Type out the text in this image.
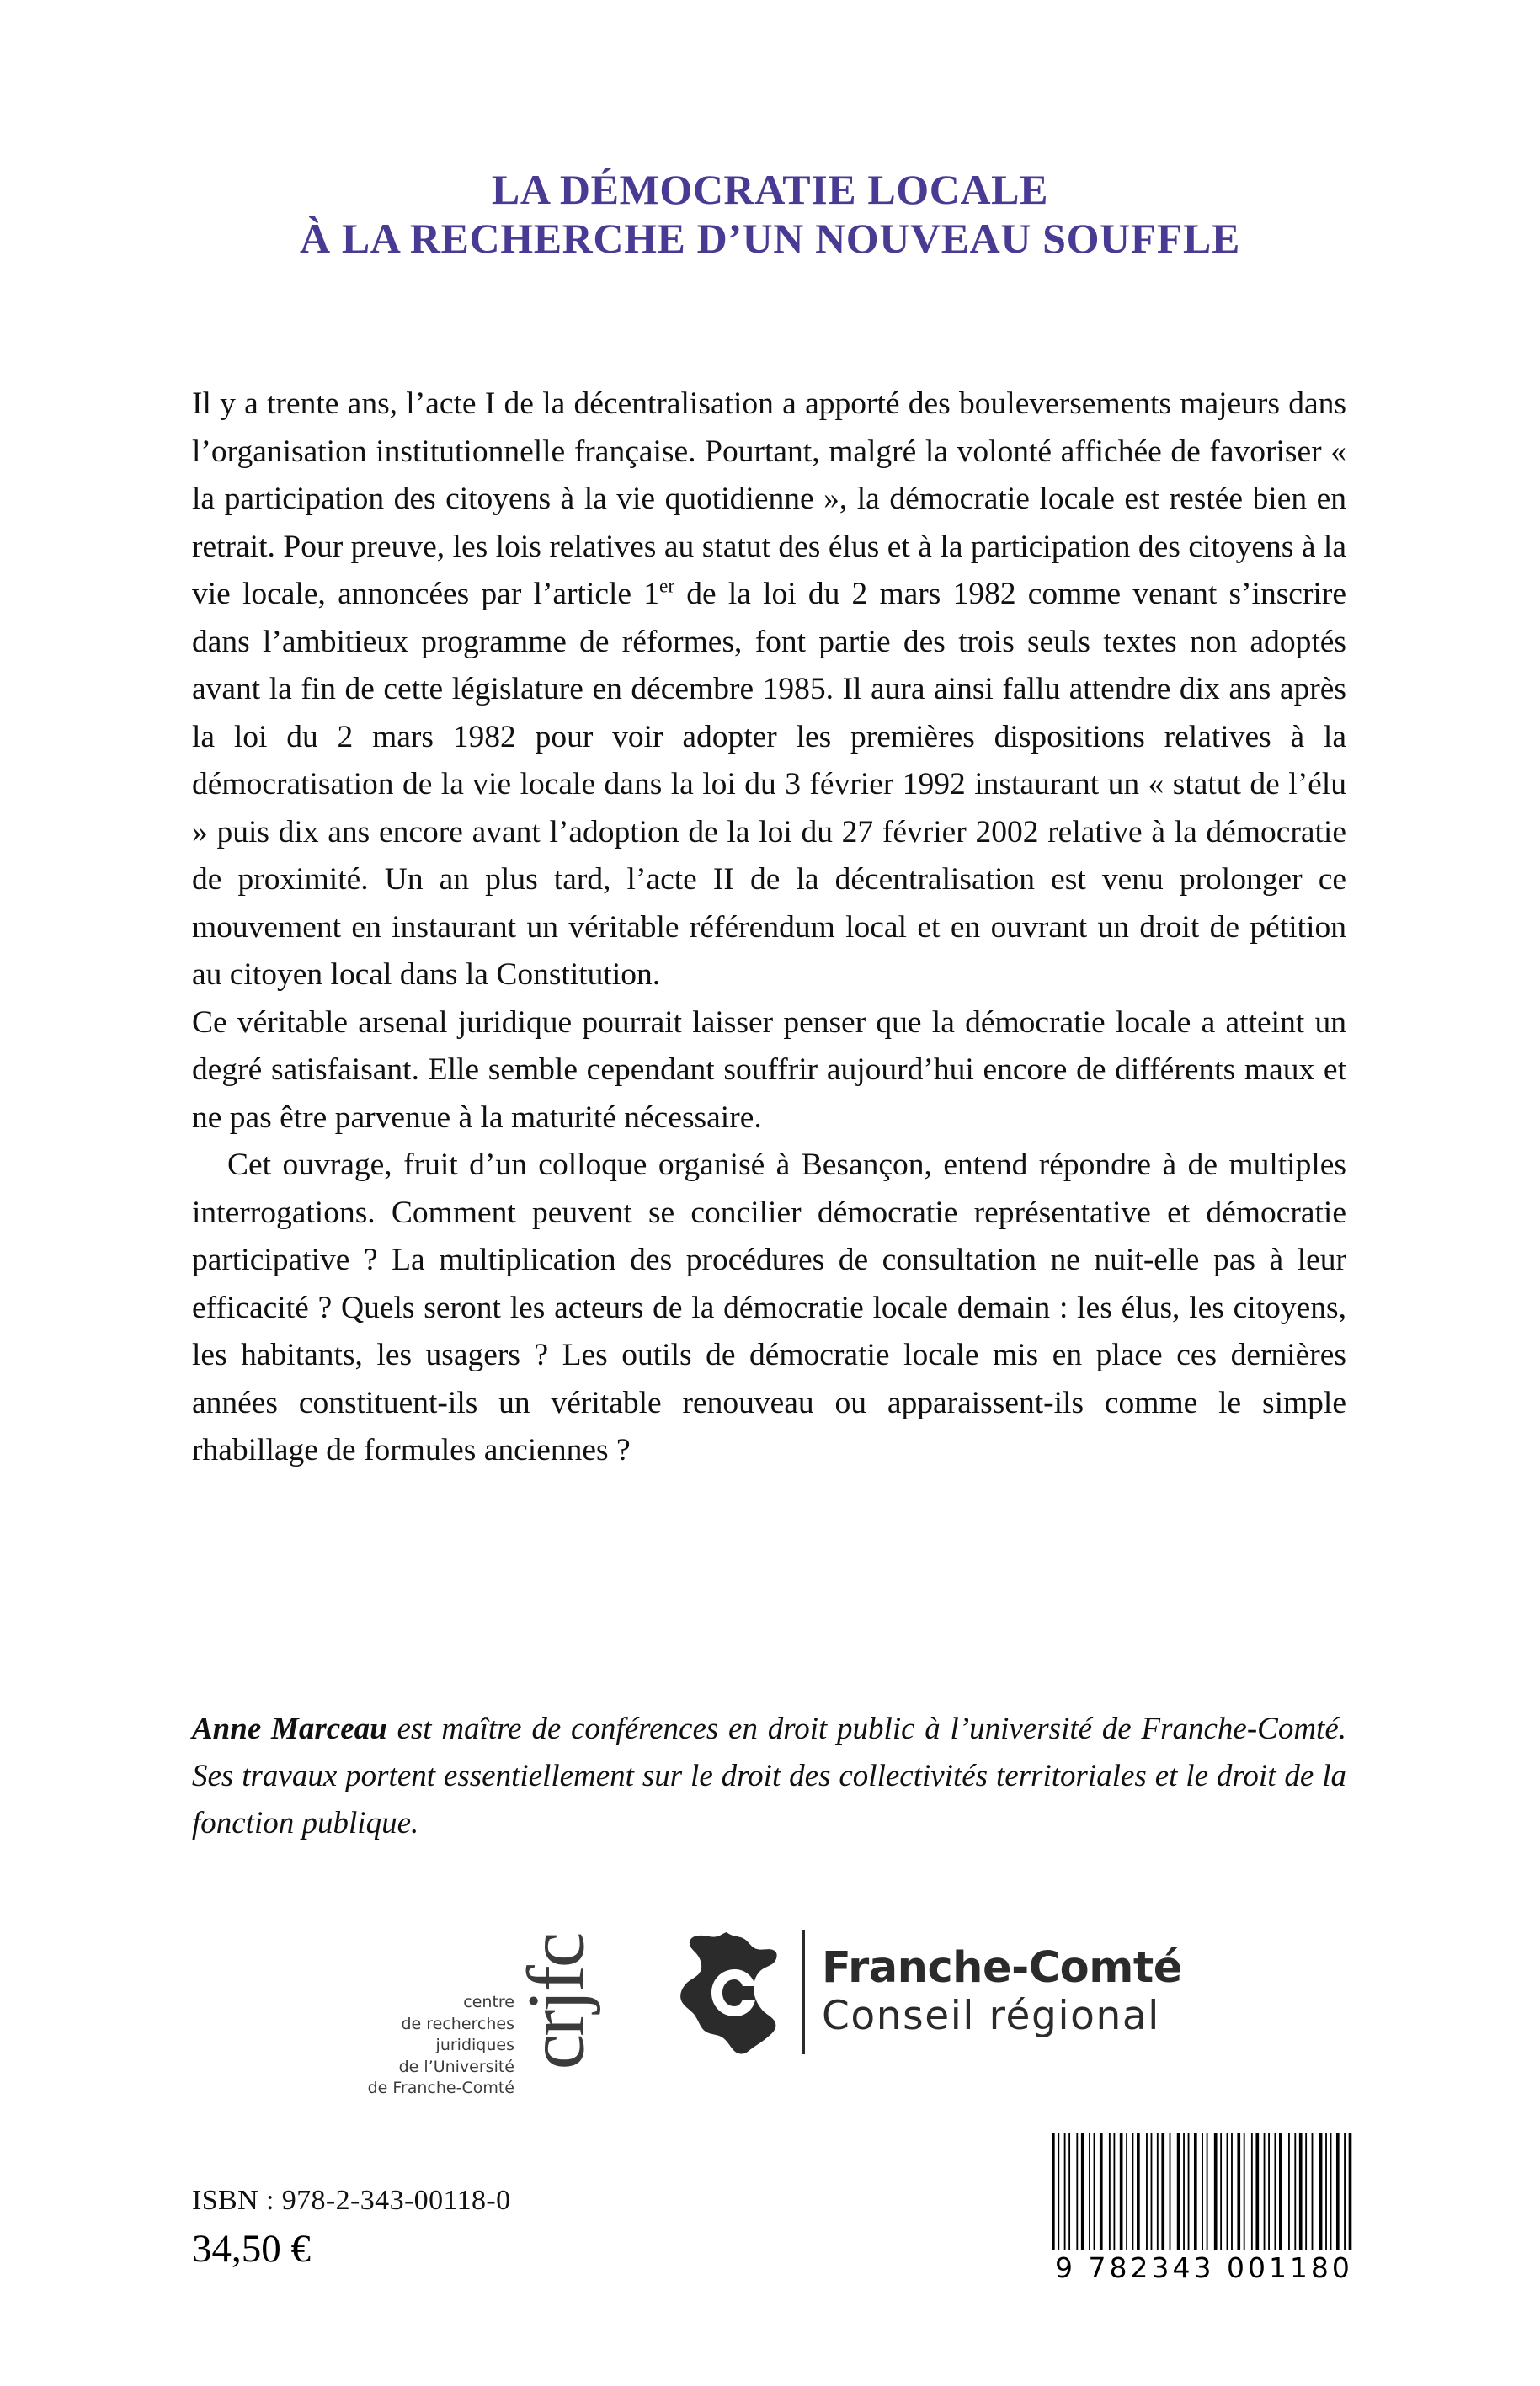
LA DÉMOCRATIE LOCALE
À LA RECHERCHE D’UN NOUVEAU SOUFFLE

Il y a trente ans, l’acte I de la décentralisation a apporté des bouleversements majeurs dans l’organisation institutionnelle française. Pourtant, malgré la volonté affichée de favoriser « la participation des citoyens à la vie quotidienne », la démocratie locale est restée bien en retrait. Pour preuve, les lois relatives au statut des élus et à la participation des citoyens à la vie locale, annoncées par l’article 1er de la loi du 2 mars 1982 comme venant s’inscrire dans l’ambitieux programme de réformes, font partie des trois seuls textes non adoptés avant la fin de cette législature en décembre 1985. Il aura ainsi fallu attendre dix ans après la loi du 2 mars 1982 pour voir adopter les premières dispositions relatives à la démocratisation de la vie locale dans la loi du 3 février 1992 instaurant un « statut de l’élu » puis dix ans encore avant l’adoption de la loi du 27 février 2002 relative à la démocratie de proximité. Un an plus tard, l’acte II de la décentralisation est venu prolonger ce mouvement en instaurant un véritable référendum local et en ouvrant un droit de pétition au citoyen local dans la Constitution.

Ce véritable arsenal juridique pourrait laisser penser que la démocratie locale a atteint un degré satisfaisant. Elle semble cependant souffrir aujourd’hui encore de différents maux et ne pas être parvenue à la maturité nécessaire.

Cet ouvrage, fruit d’un colloque organisé à Besançon, entend répondre à de multiples interrogations. Comment peuvent se concilier démocratie représentative et démocratie participative ? La multiplication des procédures de consultation ne nuit-elle pas à leur efficacité ? Quels seront les acteurs de la démocratie locale demain : les élus, les citoyens, les habitants, les usagers ? Les outils de démocratie locale mis en place ces dernières années constituent-ils un véritable renouveau ou apparaissent-ils comme le simple rhabillage de formules anciennes ?

Anne Marceau est maître de conférences en droit public à l’université de Franche-Comté. Ses travaux portent essentiellement sur le droit des collectivités territoriales et le droit de la fonction publique.

crjfc
centre
de recherches
juridiques
de l’Université
de Franche-Comté
Franche-Comté
Conseil régional
ISBN : 978-2-343-00118-0
34,50 €	9 782343 001180
